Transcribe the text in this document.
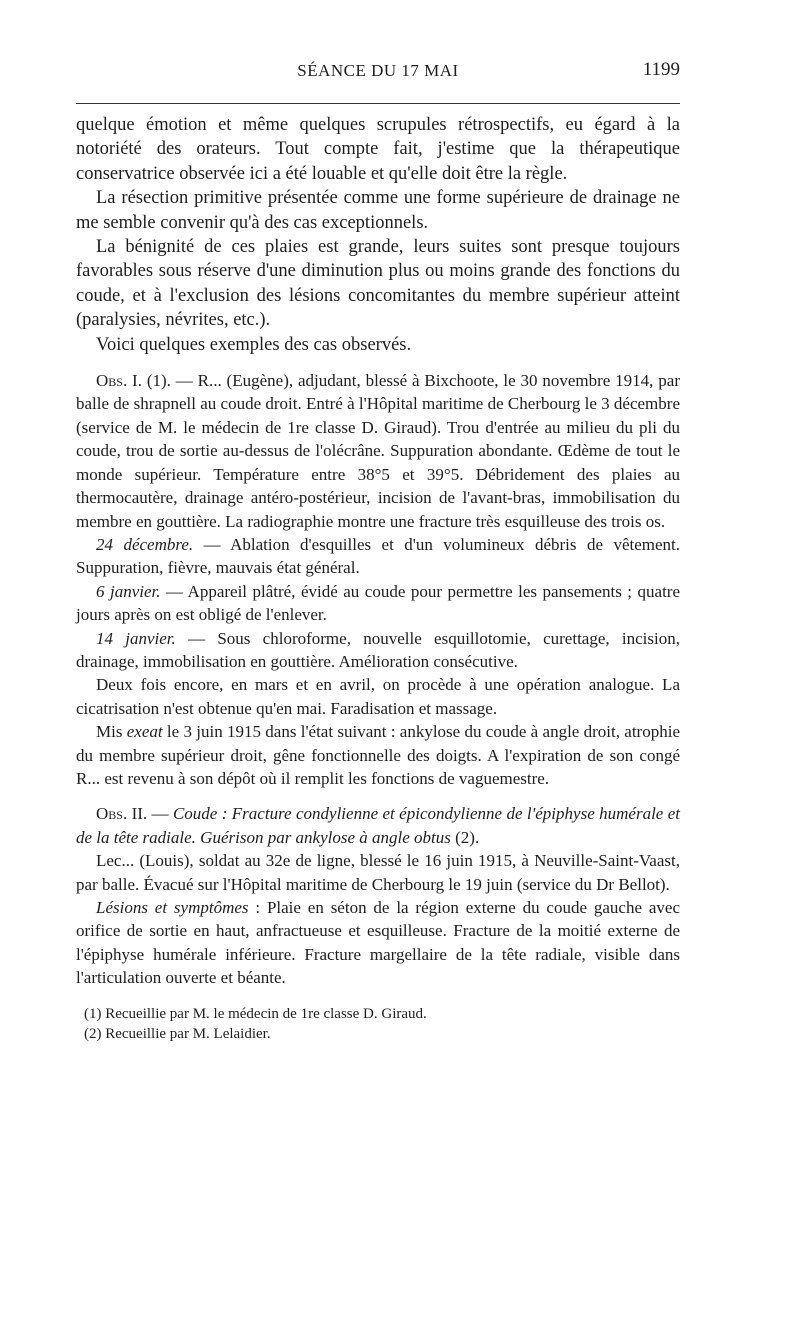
SÉANCE DU 17 MAI	1199

quelque émotion et même quelques scrupules rétrospectifs, eu égard à la notoriété des orateurs. Tout compte fait, j'estime que la thérapeutique conservatrice observée ici a été louable et qu'elle doit être la règle.

La résection primitive présentée comme une forme supérieure de drainage ne me semble convenir qu'à des cas exceptionnels.

La bénignité de ces plaies est grande, leurs suites sont presque toujours favorables sous réserve d'une diminution plus ou moins grande des fonctions du coude, et à l'exclusion des lésions concomitantes du membre supérieur atteint (paralysies, névrites, etc.).

Voici quelques exemples des cas observés.

Obs. I. (1). — R... (Eugène), adjudant, blessé à Bixchoote, le 30 novembre 1914, par balle de shrapnell au coude droit. Entré à l'Hôpital maritime de Cherbourg le 3 décembre (service de M. le médecin de 1re classe D. Giraud). Trou d'entrée au milieu du pli du coude, trou de sortie au-dessus de l'olécrâne. Suppuration abondante. Œdème de tout le monde supérieur. Température entre 38°5 et 39°5. Débridement des plaies au thermocautère, drainage antéro-postérieur, incision de l'avant-bras, immobilisation du membre en gouttière. La radiographie montre une fracture très esquilleuse des trois os.

24 décembre. — Ablation d'esquilles et d'un volumineux débris de vêtement. Suppuration, fièvre, mauvais état général.

6 janvier. — Appareil plâtré, évidé au coude pour permettre les pansements ; quatre jours après on est obligé de l'enlever.

14 janvier. — Sous chloroforme, nouvelle esquillotomie, curettage, incision, drainage, immobilisation en gouttière. Amélioration consécutive.

Deux fois encore, en mars et en avril, on procède à une opération analogue. La cicatrisation n'est obtenue qu'en mai. Faradisation et massage.

Mis exeat le 3 juin 1915 dans l'état suivant : ankylose du coude à angle droit, atrophie du membre supérieur droit, gêne fonctionnelle des doigts. A l'expiration de son congé R... est revenu à son dépôt où il remplit les fonctions de vaguemestre.

Obs. II. — Coude : Fracture condylienne et épicondylienne de l'épiphyse humérale et de la tête radiale. Guérison par ankylose à angle obtus (2).

Lec... (Louis), soldat au 32e de ligne, blessé le 16 juin 1915, à Neuville-Saint-Vaast, par balle. Évacué sur l'Hôpital maritime de Cherbourg le 19 juin (service du Dr Bellot).

Lésions et symptômes : Plaie en séton de la région externe du coude gauche avec orifice de sortie en haut, anfractueuse et esquilleuse. Fracture de la moitié externe de l'épiphyse humérale inférieure. Fracture margellaire de la tête radiale, visible dans l'articulation ouverte et béante.

(1) Recueillie par M. le médecin de 1re classe D. Giraud.

(2) Recueillie par M. Lelaidier.
